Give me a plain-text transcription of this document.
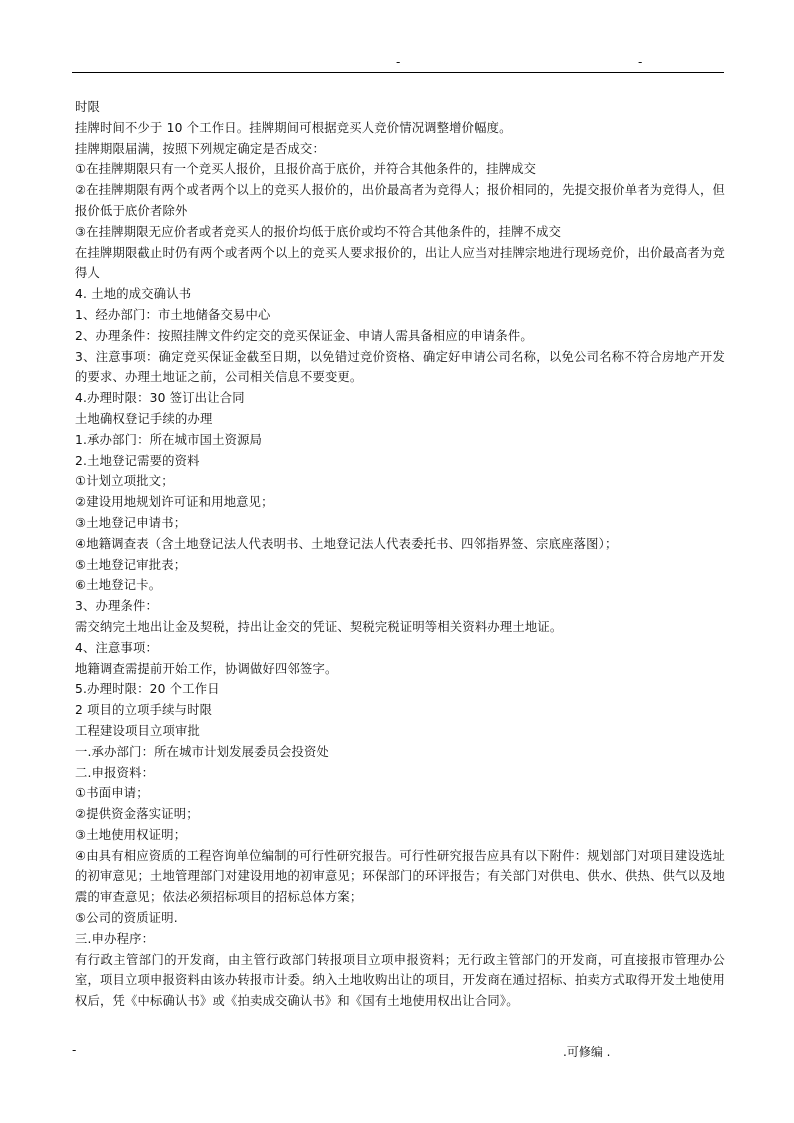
-	-
时限
挂牌时间不少于 10 个工作日。挂牌期间可根据竞买人竞价情况调整增价幅度。
挂牌期限届满，按照下列规定确定是否成交：
①在挂牌期限只有一个竞买人报价，且报价高于底价，并符合其他条件的，挂牌成交
②在挂牌期限有两个或者两个以上的竞买人报价的，出价最高者为竞得人；报价相同的，先提交报价单者为竞得人，但报价低于底价者除外
③在挂牌期限无应价者或者竞买人的报价均低于底价或均不符合其他条件的，挂牌不成交
在挂牌期限截止时仍有两个或者两个以上的竞买人要求报价的，出让人应当对挂牌宗地进行现场竞价，出价最高者为竞得人
4. 土地的成交确认书
1、经办部门：市土地储备交易中心
2、办理条件：按照挂牌文件约定交的竞买保证金、申请人需具备相应的申请条件。
3、注意事项：确定竞买保证金截至日期，以免错过竞价资格、确定好申请公司名称，以免公司名称不符合房地产开发的要求、办理土地证之前，公司相关信息不要变更。
4.办理时限：30 签订出让合同
土地确权登记手续的办理
1.承办部门：所在城市国土资源局
2.土地登记需要的资料
①计划立项批文；
②建设用地规划许可证和用地意见；
③土地登记申请书；
④地籍调查表（含土地登记法人代表明书、土地登记法人代表委托书、四邻指界签、宗底座落图）；
⑤土地登记审批表；
⑥土地登记卡。
3、办理条件：
需交纳完土地出让金及契税，持出让金交的凭证、契税完税证明等相关资料办理土地证。
4、注意事项：
地籍调查需提前开始工作，协调做好四邻签字。
5.办理时限：20 个工作日
2 项目的立项手续与时限
工程建设项目立项审批
一.承办部门：所在城市计划发展委员会投资处
二.申报资料：
①书面申请；
②提供资金落实证明；
③土地使用权证明；
④由具有相应资质的工程咨询单位编制的可行性研究报告。可行性研究报告应具有以下附件：规划部门对项目建设选址的初审意见；土地管理部门对建设用地的初审意见；环保部门的环评报告；有关部门对供电、供水、供热、供气以及地震的审查意见；依法必须招标项目的招标总体方案；
⑤公司的资质证明.
三.申办程序：
有行政主管部门的开发商，由主管行政部门转报项目立项申报资料；无行政主管部门的开发商，可直接报市管理办公室，项目立项申报资料由该办转报市计委。纳入土地收购出让的项目，开发商在通过招标、拍卖方式取得开发土地使用权后，凭《中标确认书》或《拍卖成交确认书》和《国有土地使用权出让合同》。
-	.可修编 .
